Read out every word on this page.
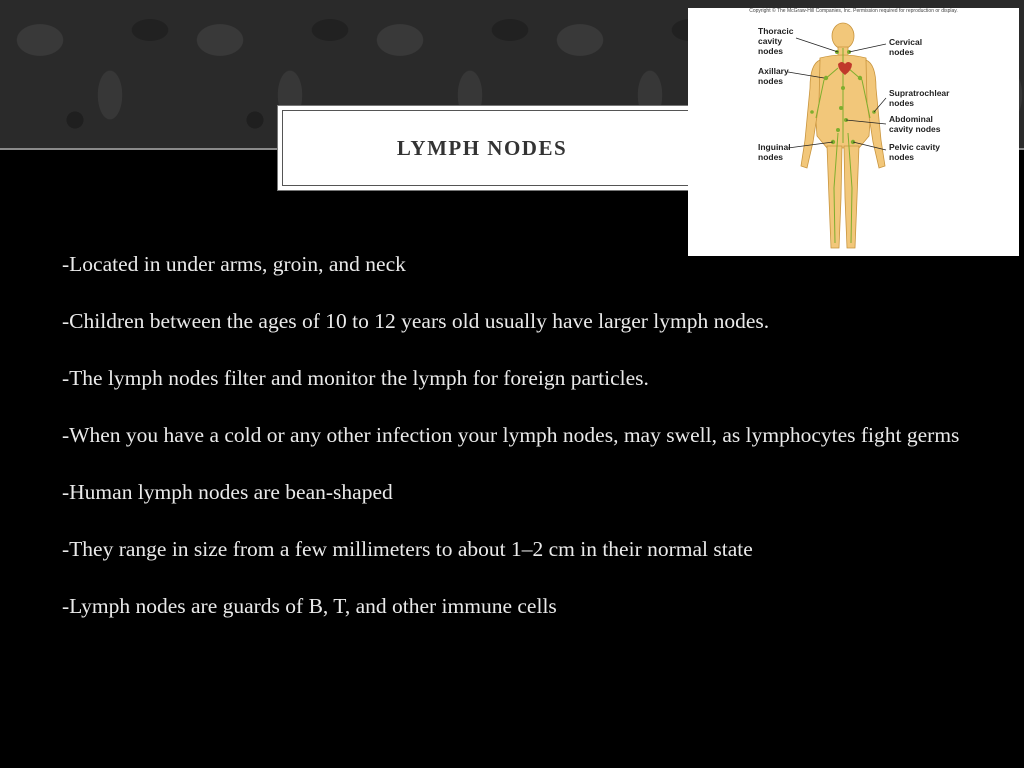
LYMPH NODES
Copyright © The McGraw-Hill Companies, Inc. Permission required for reproduction or display.
Thoracic
cavity
nodes
Axillary
nodes
Inguinal
nodes
Cervical
nodes
Supratrochlear
nodes
Abdominal
cavity nodes
Pelvic cavity
nodes

-Located in under arms, groin, and neck

-Children between the ages of 10 to 12 years old usually have larger lymph nodes.

-The lymph nodes filter and monitor the lymph for foreign particles.

-When you have a cold or any other infection your lymph nodes, may swell, as lymphocytes fight germs

-Human lymph nodes are bean-shaped

-They range in size from a few millimeters to about 1–2 cm in their normal state

-Lymph nodes are guards of B, T, and other immune cells
